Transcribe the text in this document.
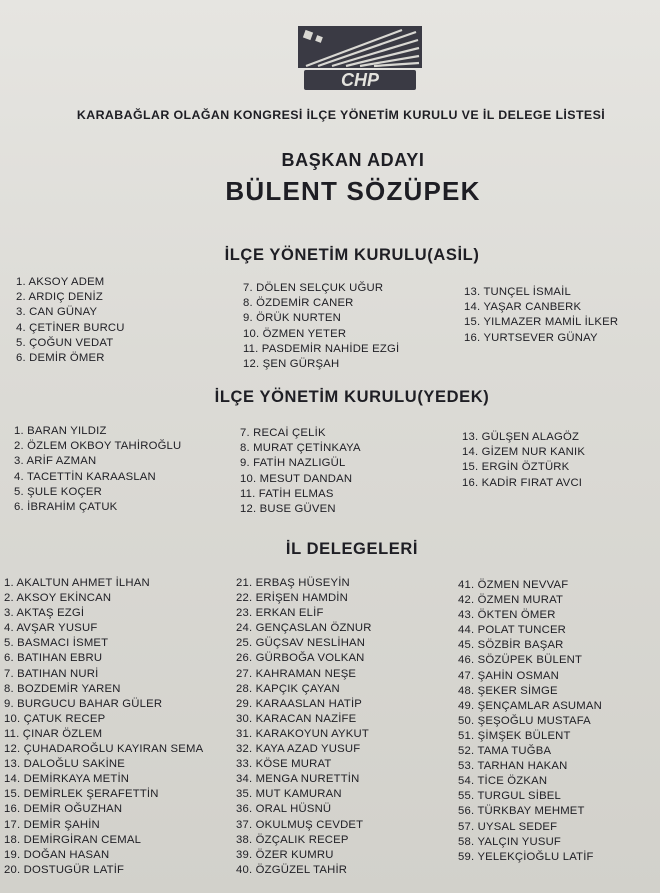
CHP
KARABAĞLAR OLAĞAN KONGRESİ İLÇE YÖNETİM KURULU VE İL DELEGE LİSTESİ
BAŞKAN ADAYI
BÜLENT SÖZÜPEK
İLÇE YÖNETİM KURULU(ASİL)
1. AKSOY ADEM
2. ARDIÇ DENİZ
3. CAN GÜNAY
4. ÇETİNER BURCU
5. ÇOĞUN VEDAT
6. DEMİR ÖMER
7. DÖLEN SELÇUK UĞUR
8. ÖZDEMİR CANER
9. ÖRÜK NURTEN
10. ÖZMEN YETER
11. PASDEMİR NAHİDE EZGİ
12. ŞEN GÜRŞAH
13. TUNÇEL İSMAİL
14. YAŞAR CANBERK
15. YILMAZER MAMİL İLKER
16. YURTSEVER GÜNAY
İLÇE YÖNETİM KURULU(YEDEK)
1. BARAN YILDIZ
2. ÖZLEM OKBOY TAHİROĞLU
3. ARİF AZMAN
4. TACETTİN KARAASLAN
5. ŞULE KOÇER
6. İBRAHİM ÇATUK
7. RECAİ ÇELİK
8. MURAT ÇETİNKAYA
9. FATİH NAZLIGÜL
10. MESUT DANDAN
11. FATİH ELMAS
12. BUSE GÜVEN
13. GÜLŞEN ALAGÖZ
14. GİZEM NUR KANIK
15. ERGİN ÖZTÜRK
16. KADİR FIRAT AVCI
İL DELEGELERİ
1. AKALTUN AHMET İLHAN
2. AKSOY EKİNCAN
3. AKTAŞ EZGİ
4. AVŞAR YUSUF
5. BASMACI İSMET
6. BATIHAN EBRU
7. BATIHAN NURİ
8. BOZDEMİR YAREN
9. BURGUCU BAHAR GÜLER
10. ÇATUK RECEP
11. ÇINAR ÖZLEM
12. ÇUHADAROĞLU KAYIRAN SEMA
13. DALOĞLU SAKİNE
14. DEMİRKAYA METİN
15. DEMİRLEK ŞERAFETTİN
16. DEMİR OĞUZHAN
17. DEMİR ŞAHİN
18. DEMİRGİRAN CEMAL
19. DOĞAN HASAN
20. DOSTUGÜR LATİF
21. ERBAŞ HÜSEYİN
22. ERİŞEN HAMDİN
23. ERKAN ELİF
24. GENÇASLAN ÖZNUR
25. GÜÇSAV NESLİHAN
26. GÜRBOĞA VOLKAN
27. KAHRAMAN NEŞE
28. KAPÇIK ÇAYAN
29. KARAASLAN HATİP
30. KARACAN NAZİFE
31. KARAKOYUN AYKUT
32. KAYA AZAD YUSUF
33. KÖSE MURAT
34. MENGA NURETTİN
35. MUT KAMURAN
36. ORAL HÜSNÜ
37. OKULMUŞ CEVDET
38. ÖZÇALIK RECEP
39. ÖZER KUMRU
40. ÖZGÜZEL TAHİR
41. ÖZMEN NEVVAF
42. ÖZMEN MURAT
43. ÖKTEN ÖMER
44. POLAT TUNCER
45. SÖZBİR BAŞAR
46. SÖZÜPEK BÜLENT
47. ŞAHİN OSMAN
48. ŞEKER SİMGE
49. ŞENÇAMLAR ASUMAN
50. ŞEŞOĞLU MUSTAFA
51. ŞİMŞEK BÜLENT
52. TAMA TUĞBA
53. TARHAN HAKAN
54. TİCE ÖZKAN
55. TURGUL SİBEL
56. TÜRKBAY MEHMET
57. UYSAL SEDEF
58. YALÇIN YUSUF
59. YELEKÇİOĞLU LATİF
